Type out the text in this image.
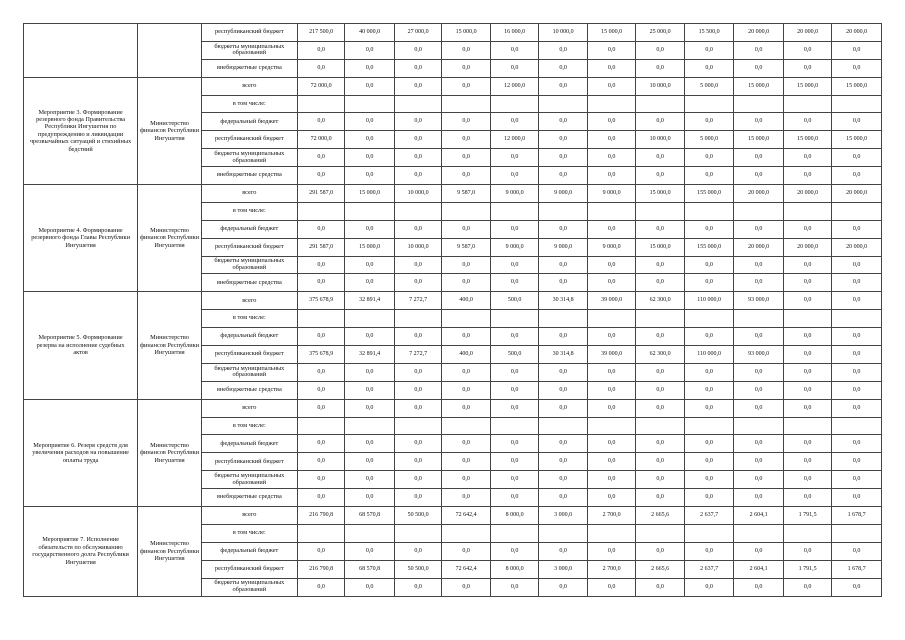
		республиканский бюджет	217 500,0	40 000,0	27 000,0	15 000,0	16 000,0	10 000,0	15 000,0	25 000,0	15 500,0	20 000,0	20 000,0	20 000,0
		бюджеты муниципальных образований	0,0	0,0	0,0	0,0	0,0	0,0	0,0	0,0	0,0	0,0	0,0	0,0
		внебюджетные средства	0,0	0,0	0,0	0,0	0,0	0,0	0,0	0,0	0,0	0,0	0,0	0,0
Мероприятие 3. Формирование резервного фонда Правительства Республики Ингушетия по предупреждению и ликвидации чрезвычайных ситуаций и стихийных бедствий	Министерство финансов Республики Ингушетия	всего	72 000,0	0,0	0,0	0,0	12 000,0	0,0	0,0	10 000,0	5 000,0	15 000,0	15 000,0	15 000,0
		в том числе:												
		федеральный бюджет	0,0	0,0	0,0	0,0	0,0	0,0	0,0	0,0	0,0	0,0	0,0	0,0
		республиканский бюджет	72 000,0	0,0	0,0	0,0	12 000,0	0,0	0,0	10 000,0	5 000,0	15 000,0	15 000,0	15 000,0
		бюджеты муниципальных образований	0,0	0,0	0,0	0,0	0,0	0,0	0,0	0,0	0,0	0,0	0,0	0,0
		внебюджетные средства	0,0	0,0	0,0	0,0	0,0	0,0	0,0	0,0	0,0	0,0	0,0	0,0
Мероприятие 4. Формирование резервного фонда Главы Республики Ингушетия	Министерство финансов Республики Ингушетия	всего	291 587,0	15 000,0	10 000,0	9 587,0	9 000,0	9 000,0	9 000,0	15 000,0	155 000,0	20 000,0	20 000,0	20 000,0
		в том числе:												
		федеральный бюджет	0,0	0,0	0,0	0,0	0,0	0,0	0,0	0,0	0,0	0,0	0,0	0,0
		республиканский бюджет	291 587,0	15 000,0	10 000,0	9 587,0	9 000,0	9 000,0	9 000,0	15 000,0	155 000,0	20 000,0	20 000,0	20 000,0
		бюджеты муниципальных образований	0,0	0,0	0,0	0,0	0,0	0,0	0,0	0,0	0,0	0,0	0,0	0,0
		внебюджетные средства	0,0	0,0	0,0	0,0	0,0	0,0	0,0	0,0	0,0	0,0	0,0	0,0
Мероприятие 5. Формирование резерва на исполнение судебных актов	Министерство финансов Республики Ингушетия	всего	375 678,9	32 891,4	7 272,7	400,0	500,0	30 314,8	39 000,0	62 300,0	110 000,0	93 000,0	0,0	0,0
		в том числе:												
		федеральный бюджет	0,0	0,0	0,0	0,0	0,0	0,0	0,0	0,0	0,0	0,0	0,0	0,0
		республиканский бюджет	375 678,9	32 891,4	7 272,7	400,0	500,0	30 314,8	39 000,0	62 300,0	110 000,0	93 000,0	0,0	0,0
		бюджеты муниципальных образований	0,0	0,0	0,0	0,0	0,0	0,0	0,0	0,0	0,0	0,0	0,0	0,0
		внебюджетные средства	0,0	0,0	0,0	0,0	0,0	0,0	0,0	0,0	0,0	0,0	0,0	0,0
Мероприятие 6. Резерв средств для увеличения расходов на повышение оплаты труда	Министерство финансов Республики Ингушетия	всего	0,0	0,0	0,0	0,0	0,0	0,0	0,0	0,0	0,0	0,0	0,0	0,0
		в том числе:												
		федеральный бюджет	0,0	0,0	0,0	0,0	0,0	0,0	0,0	0,0	0,0	0,0	0,0	0,0
		республиканский бюджет	0,0	0,0	0,0	0,0	0,0	0,0	0,0	0,0	0,0	0,0	0,0	0,0
		бюджеты муниципальных образований	0,0	0,0	0,0	0,0	0,0	0,0	0,0	0,0	0,0	0,0	0,0	0,0
		внебюджетные средства	0,0	0,0	0,0	0,0	0,0	0,0	0,0	0,0	0,0	0,0	0,0	0,0
Мероприятие 7. Исполнение обязательств по обслуживанию государственного долга Республики Ингушетия	Министерство финансов Республики Ингушетия	всего	216 790,8	68 570,8	50 500,0	72 642,4	8 000,0	3 000,0	2 700,0	2 665,6	2 637,7	2 604,1	1 791,5	1 678,7
		в том числе:												
		федеральный бюджет	0,0	0,0	0,0	0,0	0,0	0,0	0,0	0,0	0,0	0,0	0,0	0,0
		республиканский бюджет	216 790,8	68 570,8	50 500,0	72 642,4	8 000,0	3 000,0	2 700,0	2 665,6	2 637,7	2 604,1	1 791,5	1 678,7
		бюджеты муниципальных образований	0,0	0,0	0,0	0,0	0,0	0,0	0,0	0,0	0,0	0,0	0,0	0,0
